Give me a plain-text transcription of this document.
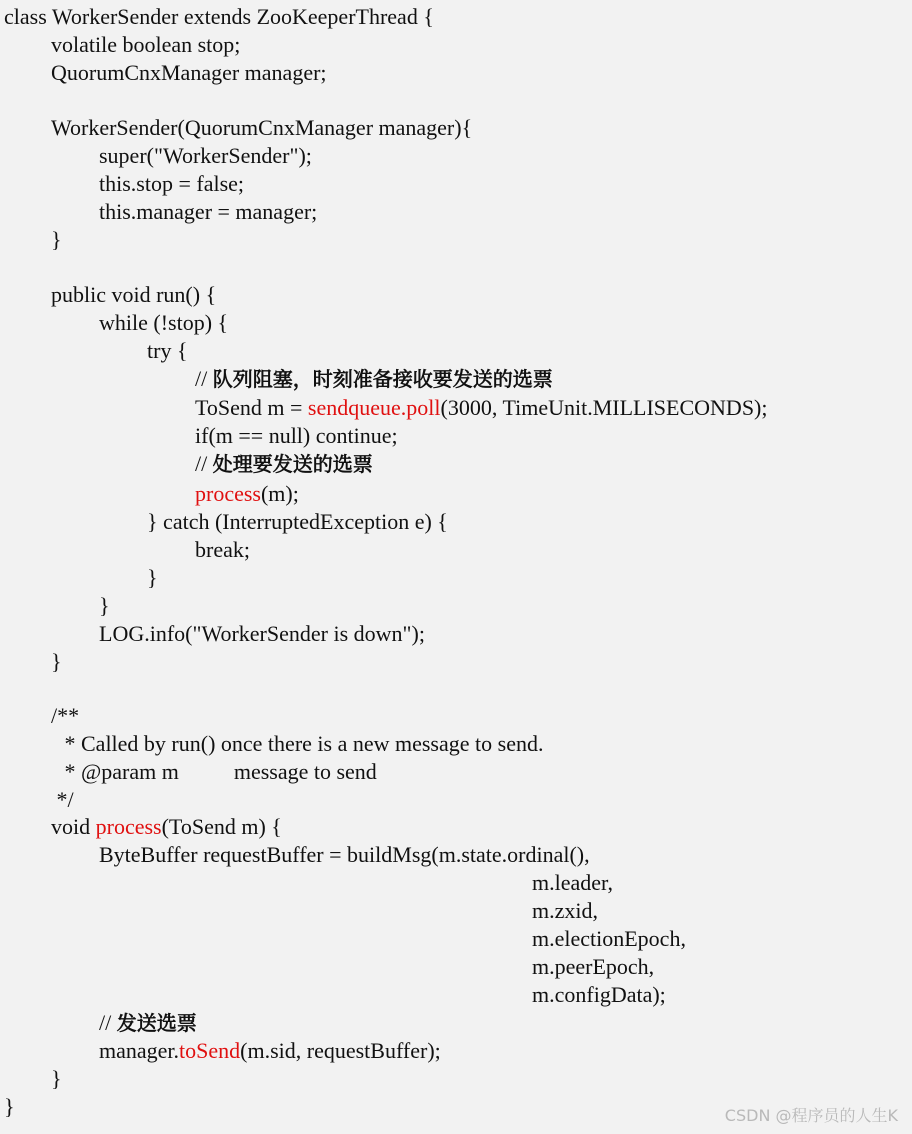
class WorkerSender extends ZooKeeperThread {
volatile boolean stop;
QuorumCnxManager manager;
WorkerSender(QuorumCnxManager manager){
super("WorkerSender");
this.stop = false;
this.manager = manager;
}
public void run() {
while (!stop) {
try {
// 队列阻塞，时刻准备接收要发送的选票
ToSend m = sendqueue.poll(3000, TimeUnit.MILLISECONDS);
if(m == null) continue;
// 处理要发送的选票
process(m);
} catch (InterruptedException e) {
break;
}
}
LOG.info("WorkerSender is down");
}
/**
* Called by run() once there is a new message to send.
* @param m          message to send
*/
void process(ToSend m) {
ByteBuffer requestBuffer = buildMsg(m.state.ordinal(),
m.leader,
m.zxid,
m.electionEpoch,
m.peerEpoch,
m.configData);
// 发送选票
manager.toSend(m.sid, requestBuffer);
}
}	CSDN @程序员的人生K
